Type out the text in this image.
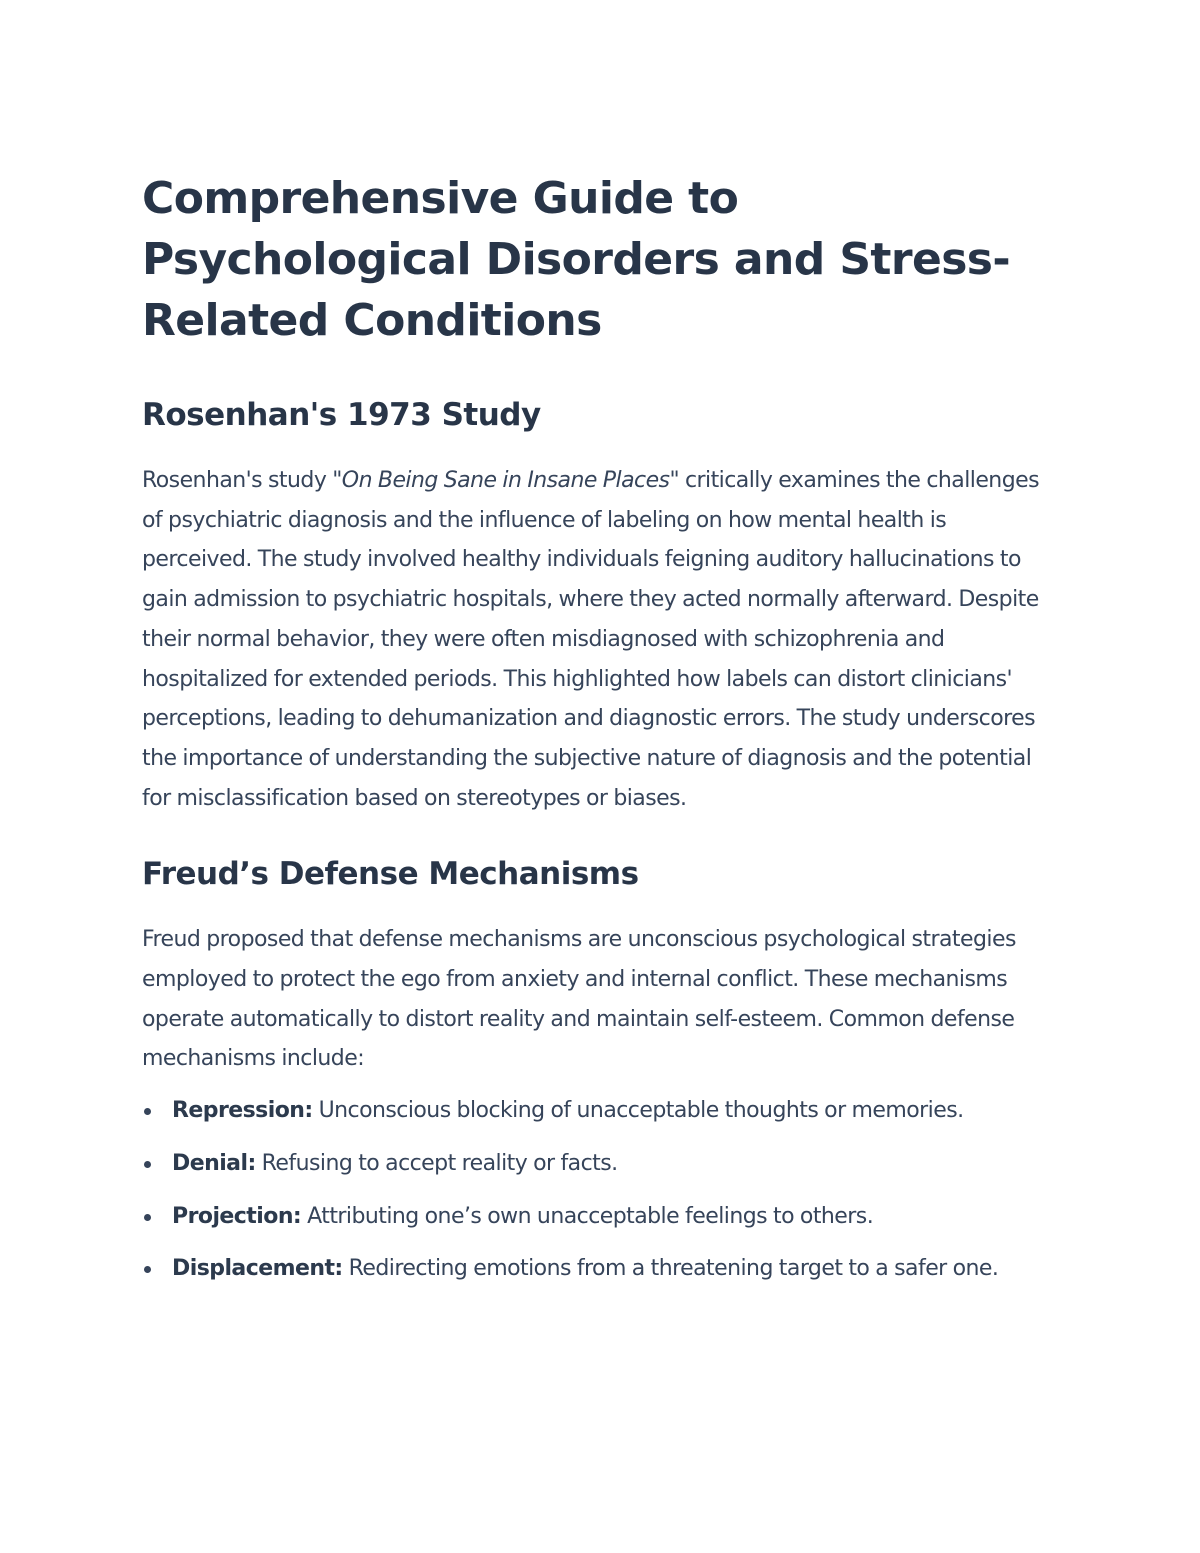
Comprehensive Guide to Psychological Disorders and Stress-Related Conditions
Rosenhan's 1973 Study

Rosenhan's study "On Being Sane in Insane Places" critically examines the challenges of psychiatric diagnosis and the influence of labeling on how mental health is perceived. The study involved healthy individuals feigning auditory hallucinations to gain admission to psychiatric hospitals, where they acted normally afterward. Despite their normal behavior, they were often misdiagnosed with schizophrenia and hospitalized for extended periods. This highlighted how labels can distort clinicians' perceptions, leading to dehumanization and diagnostic errors. The study underscores the importance of understanding the subjective nature of diagnosis and the potential for misclassification based on stereotypes or biases.

Freud’s Defense Mechanisms

Freud proposed that defense mechanisms are unconscious psychological strategies employed to protect the ego from anxiety and internal conflict. These mechanisms operate automatically to distort reality and maintain self-esteem. Common defense mechanisms include:

Repression: Unconscious blocking of unacceptable thoughts or memories.
Denial: Refusing to accept reality or facts.
Projection: Attributing one’s own unacceptable feelings to others.
Displacement: Redirecting emotions from a threatening target to a safer one.
